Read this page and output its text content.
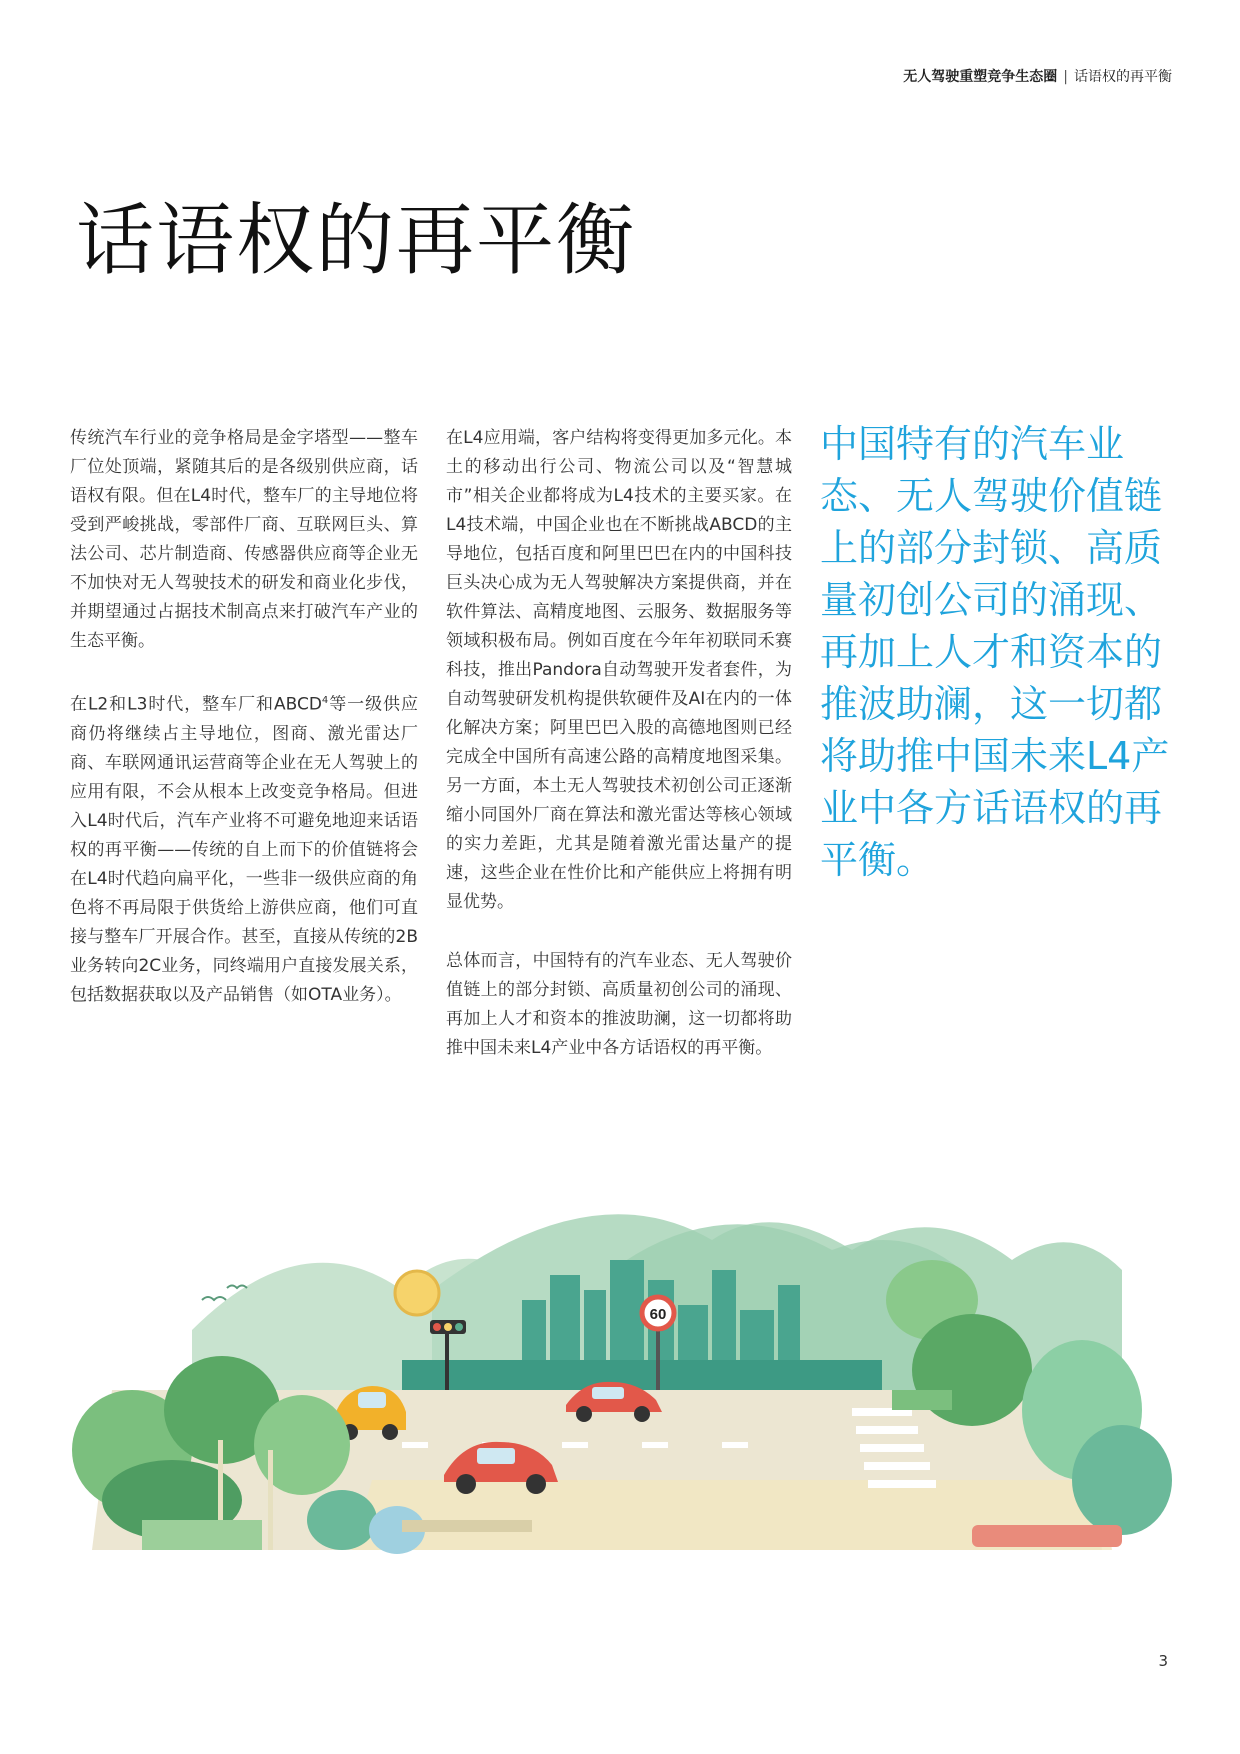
无人驾驶重塑竞争生态圈 | 话语权的再平衡
话语权的再平衡

传统汽车行业的竞争格局是金字塔型——整车厂位处顶端，紧随其后的是各级别供应商，话语权有限。但在L4时代，整车厂的主导地位将受到严峻挑战，零部件厂商、互联网巨头、算法公司、芯片制造商、传感器供应商等企业无不加快对无人驾驶技术的研发和商业化步伐，并期望通过占据技术制高点来打破汽车产业的生态平衡。

在L2和L3时代，整车厂和ABCD$^4$等一级供应商仍将继续占主导地位，图商、激光雷达厂商、车联网通讯运营商等企业在无人驾驶上的应用有限，不会从根本上改变竞争格局。但进入L4时代后，汽车产业将不可避免地迎来话语权的再平衡——传统的自上而下的价值链将会在L4时代趋向扁平化，一些非一级供应商的角色将不再局限于供货给上游供应商，他们可直接与整车厂开展合作。甚至，直接从传统的2B业务转向2C业务，同终端用户直接发展关系，包括数据获取以及产品销售（如OTA业务）。

在L4应用端，客户结构将变得更加多元化。本土的移动出行公司、物流公司以及“智慧城市”相关企业都将成为L4技术的主要买家。在L4技术端，中国企业也在不断挑战ABCD的主导地位，包括百度和阿里巴巴在内的中国科技巨头决心成为无人驾驶解决方案提供商，并在软件算法、高精度地图、云服务、数据服务等领域积极布局。例如百度在今年年初联同禾赛科技，推出Pandora自动驾驶开发者套件，为自动驾驶研发机构提供软硬件及AI在内的一体化解决方案；阿里巴巴入股的高德地图则已经完成全中国所有高速公路的高精度地图采集。另一方面，本土无人驾驶技术初创公司正逐渐缩小同国外厂商在算法和激光雷达等核心领域的实力差距，尤其是随着激光雷达量产的提速，这些企业在性价比和产能供应上将拥有明显优势。

总体而言，中国特有的汽车业态、无人驾驶价值链上的部分封锁、高质量初创公司的涌现、再加上人才和资本的推波助澜，这一切都将助推中国未来L4产业中各方话语权的再平衡。

中国特有的汽车业态、无人驾驶价值链上的部分封锁、高质量初创公司的涌现、再加上人才和资本的推波助澜，这一切都将助推中国未来L4产业中各方话语权的再平衡。
60
3
